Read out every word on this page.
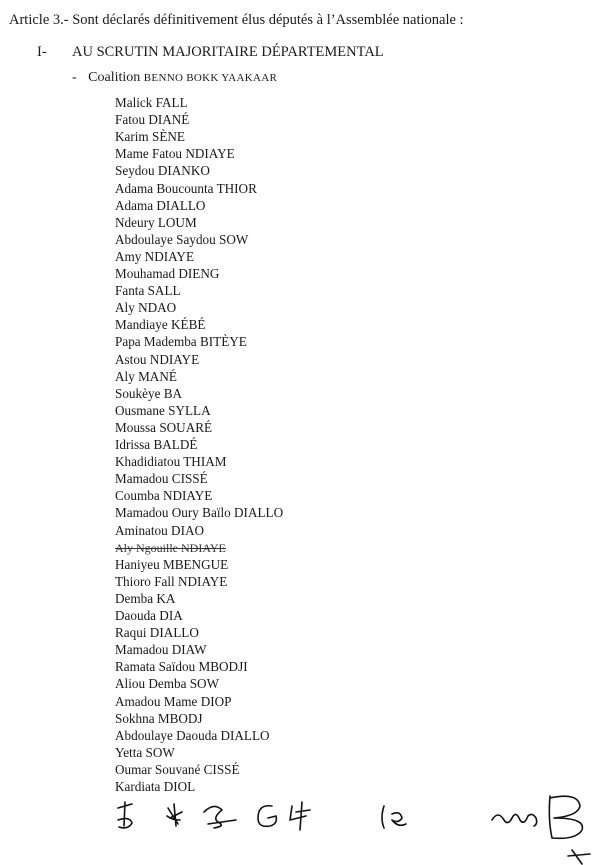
Article 3.- Sont déclarés définitivement élus députés à l’Assemblée nationale :
I- AU SCRUTIN MAJORITAIRE DÉPARTEMENTAL
- Coalition BENNO BOKK YAAKAAR
Malick FALL
Fatou DIANÉ
Karim SÈNE
Mame Fatou NDIAYE
Seydou DIANKO
Adama Boucounta THIOR
Adama DIALLO
Ndeury LOUM
Abdoulaye Saydou SOW
Amy NDIAYE
Mouhamad DIENG
Fanta SALL
Aly NDAO
Mandiaye KÉBÉ
Papa Mademba BITÈYE
Astou NDIAYE
Aly MANÉ
Soukèye BA
Ousmane SYLLA
Moussa SOUARÉ
Idrissa BALDÉ
Khadidiatou THIAM
Mamadou CISSÉ
Coumba NDIAYE
Mamadou Oury Baïlo DIALLO
Aminatou DIAO
Aly Ngouille NDIAYE
Haniyeu MBENGUE
Thioro Fall NDIAYE
Demba KA
Daouda DIA
Raqui DIALLO
Mamadou DIAW
Ramata Saïdou MBODJI
Aliou Demba SOW
Amadou Mame DIOP
Sokhna MBODJ
Abdoulaye Daouda DIALLO
Yetta SOW
Oumar Souvané CISSÉ
Kardiata DIOL
